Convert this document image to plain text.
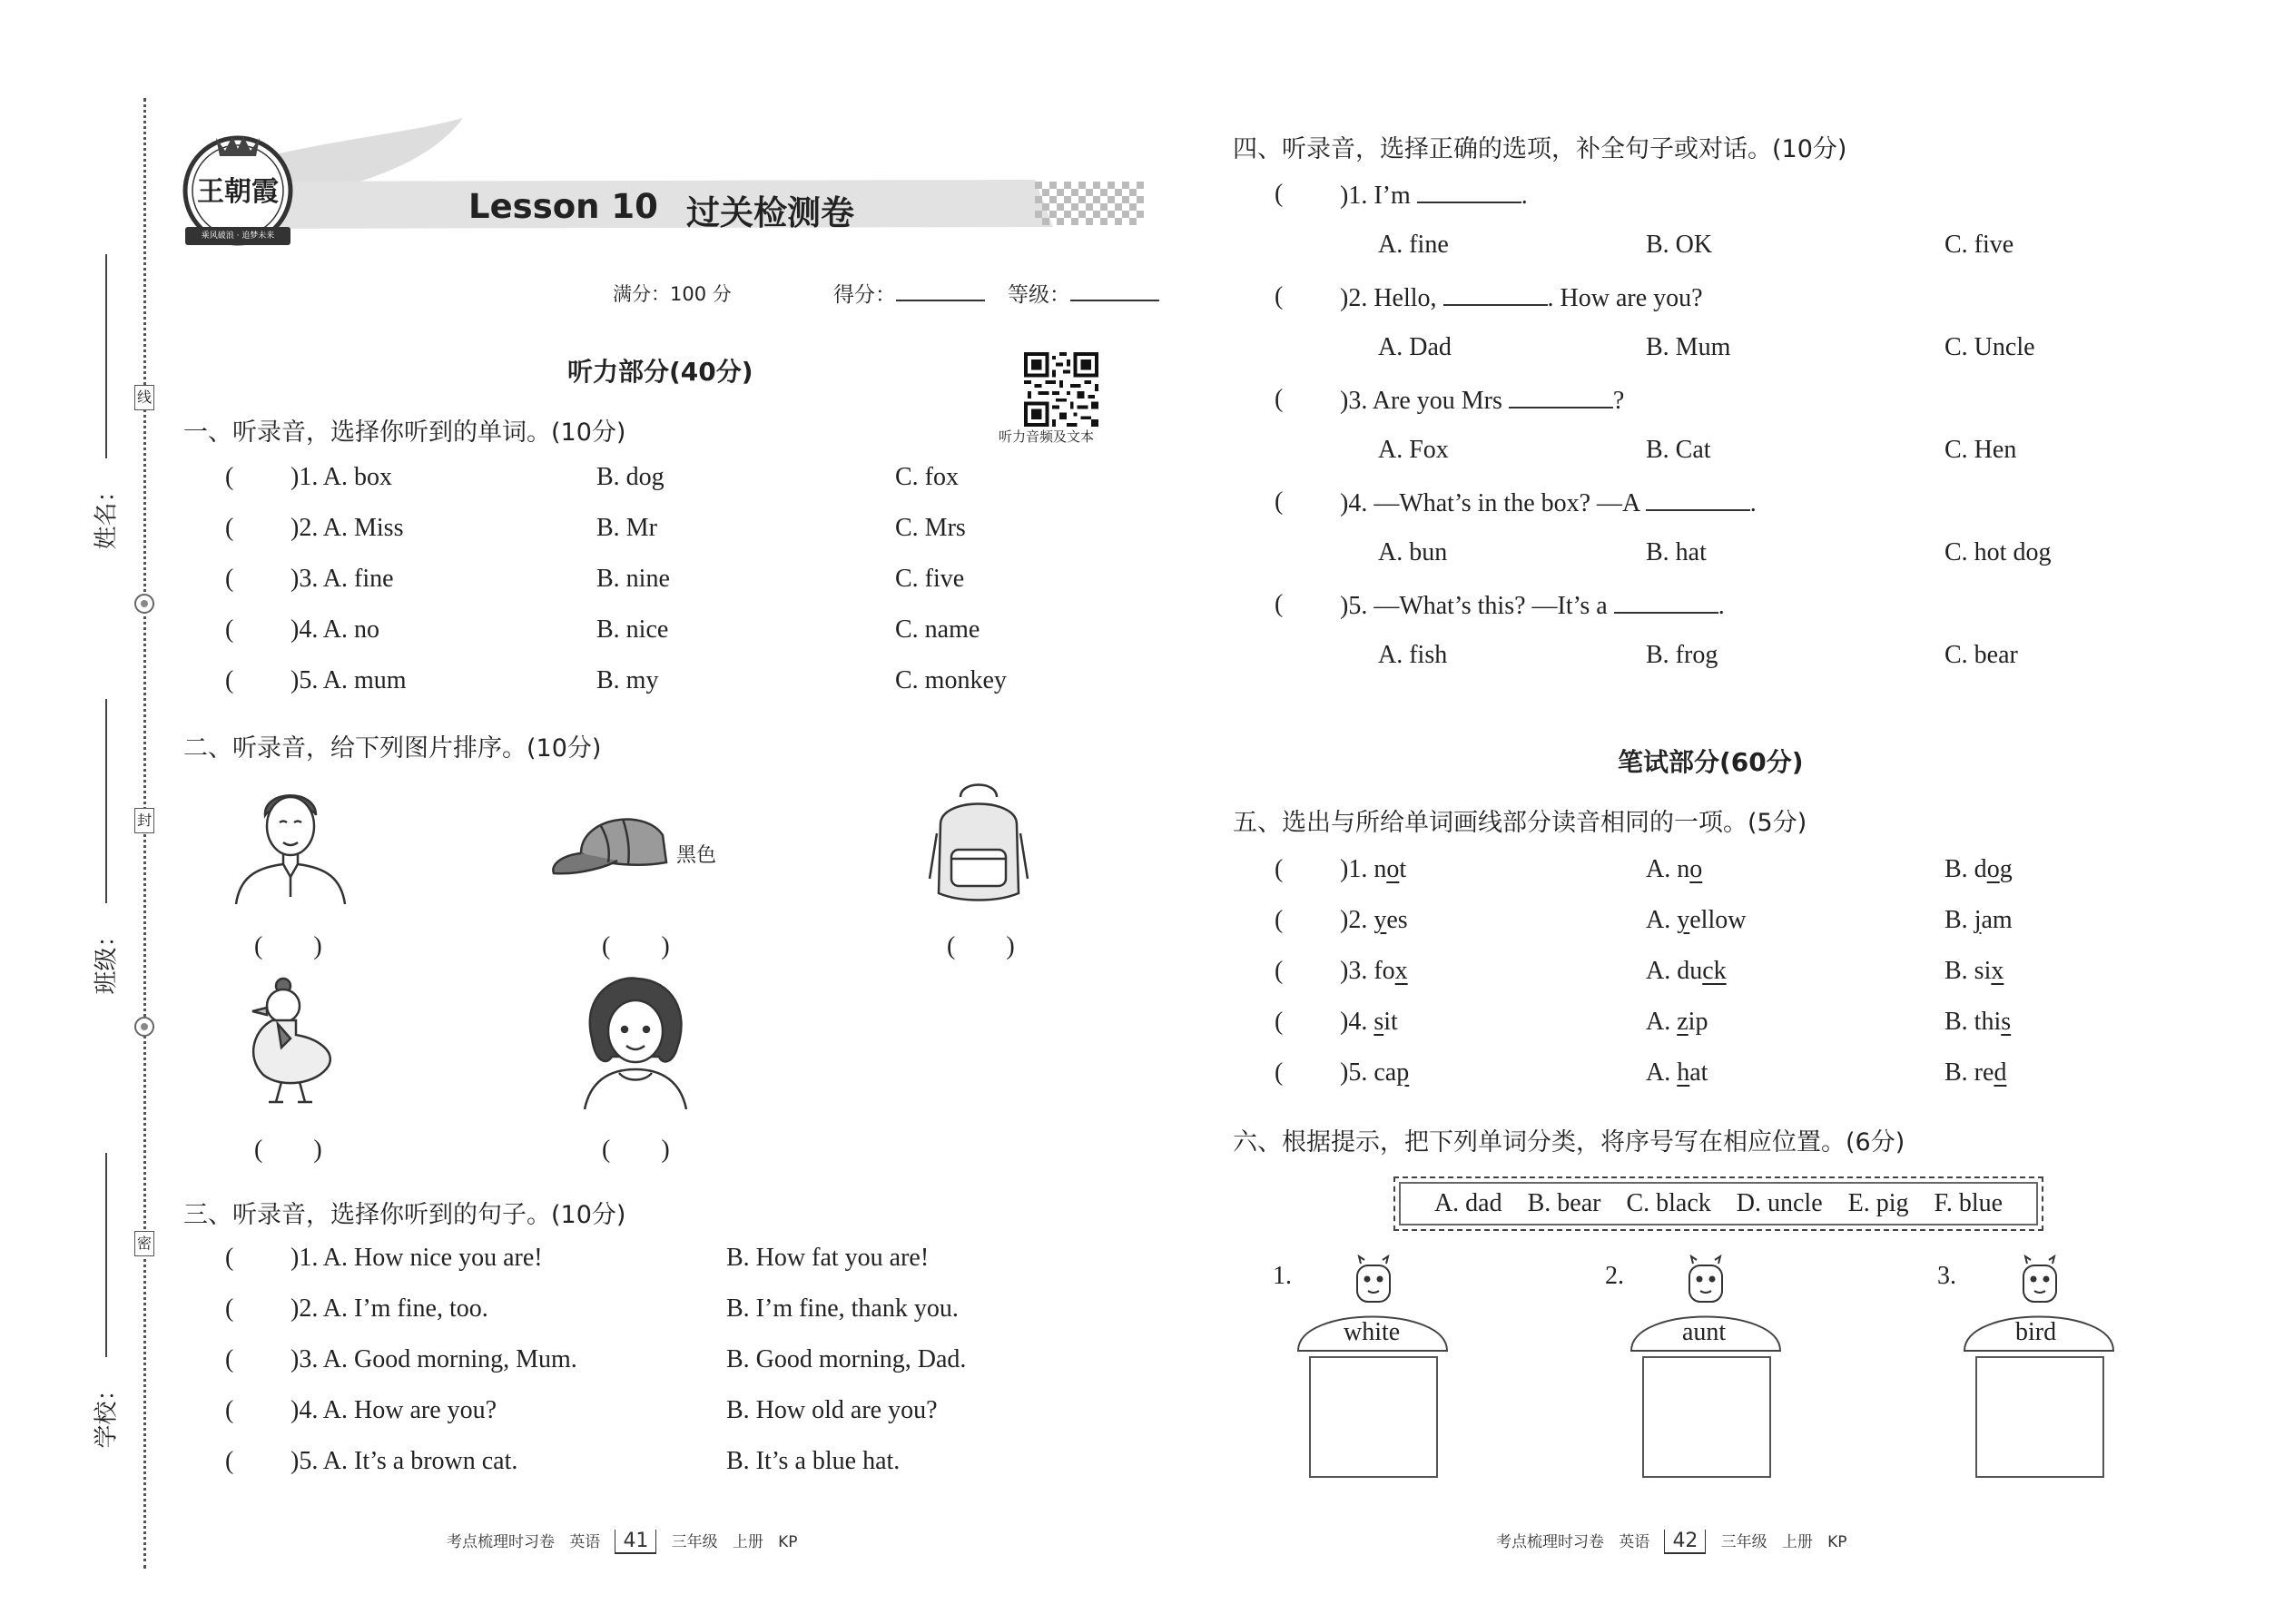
姓名：
班级：
学校：
线
封
密
王朝霞
乘风破浪 · 追梦未来
Lesson 10 过关检测卷
满分：100 分	得分：	等级：
听力音频及文本
听力部分(40分)
一、听录音，选择你听到的单词。(10分)
( )1. A. box	B. dog	C. fox
( )2. A. Miss	B. Mr	C. Mrs
( )3. A. fine	B. nine	C. five
( )4. A. no	B. nice	C. name
( )5. A. mum	B. my	C. monkey
二、听录音，给下列图片排序。(10分)
黑色
(　　)	(　　)	(　　)
(　　)	(　　)
三、听录音，选择你听到的句子。(10分)
( )1. A. How nice you are!	B. How fat you are!
( )2. A. I’m fine, too.	B. I’m fine, thank you.
( )3. A. Good morning, Mum.	B. Good morning, Dad.
( )4. A. How are you?	B. How old are you?
( )5. A. It’s a brown cat.	B. It’s a blue hat.
考点梳理时习卷 英语 41 三年级 上册 KP
四、听录音，选择正确的选项，补全句子或对话。(10分)
( )1. I’m	.
A. fine	B. OK	C. five
( )2. Hello,	. How are you?
A. Dad	B. Mum	C. Uncle
( )3. Are you Mrs	?
A. Fox	B. Cat	C. Hen
( )4. —What’s in the box? —A	.
A. bun	B. hat	C. hot dog
( )5. —What’s this? —It’s a	.
A. fish	B. frog	C. bear
笔试部分(60分)
五、选出与所给单词画线部分读音相同的一项。(5分)
( )1. not	A. no	B. dog
( )2. yes	A. yellow	B. jam
( )3. fox	A. duck	B. six
( )4. sit	A. zip	B. this
( )5. cap	A. hat	B. red
六、根据提示，把下列单词分类，将序号写在相应位置。(6分)
A. dad　B. bear　C. black　D. uncle　E. pig　F. blue
1.
white
2.
aunt
3.
bird
考点梳理时习卷 英语 42 三年级 上册 KP
